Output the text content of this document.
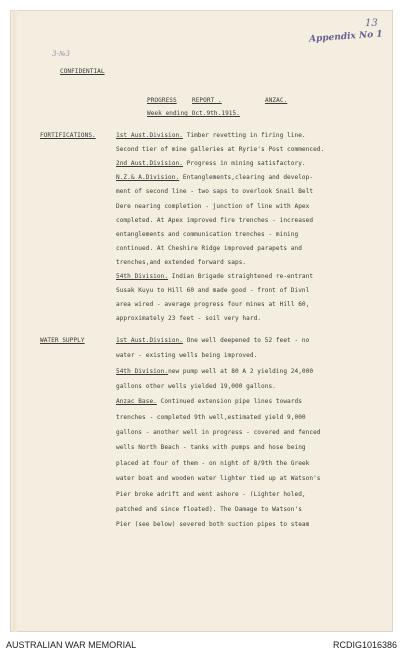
13
Appendix No 1
3-№3
CONFIDENTIAL
PROGRESS	REPORT .	ANZAC.
Week ending Oct.9th.1915.
FORTIFICATIONS.	1st Aust.Division. Timber revetting in firing line.
Second tier of mine galleries at Ryrie's Post commenced.
2nd Aust.Division. Progress in mining satisfactory.
N.Z.& A.Division. Entanglements,clearing and develop-
ment of second line - two saps to overlook Snail Belt
Dere nearing completion - junction of line with Apex
completed. At Apex improved fire trenches - increased
entanglements and communication trenches - mining
continued. At Cheshire Ridge improved parapets and
trenches,and extended forward saps.
54th Division. Indian Brigade straightened re-entrant
Susak Kuyu to Hill 60 and made good - front of Divnl
area wired - average progress four mines at Hill 60,
approximately 23 feet - soil very hard.
WATER SUPPLY	1st Aust.Division. One well deepened to 52 feet - no
water - existing wells being improved.
54th Division.new pump well at 80 A 2 yielding 24,000
gallons other wells yielded 19,000 gallons.
Anzac Base. Continued extension pipe lines towards
trenches - completed 9th well,estimated yield 9,000
gallons - another well in progress - covered and fenced
wells North Beach - tanks with pumps and hose being
placed at four of them - on night of 8/9th the Greek
water boat and wooden water lighter tied up at Watson's
Pier broke adrift and went ashore - (Lighter holed,
patched and since floated). The Damage to Watson's
Pier (see below) severed both suction pipes to steam
AUSTRALIAN WAR MEMORIAL	RCDIG1016386
